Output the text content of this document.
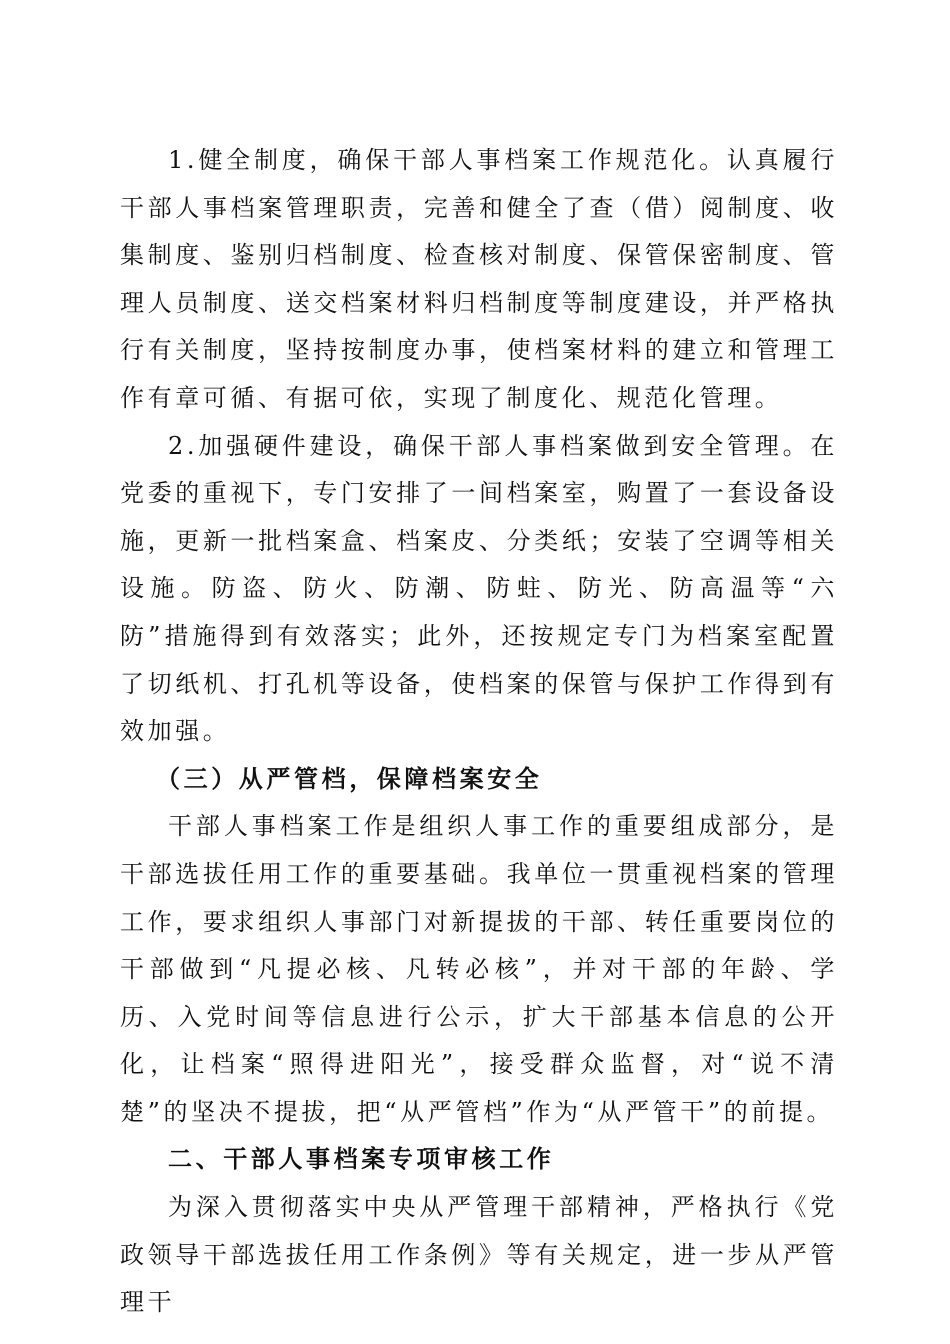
1.健全制度，确保干部人事档案工作规范化。认真履行干部人事档案管理职责，完善和健全了查（借）阅制度、收集制度、鉴别归档制度、检查核对制度、保管保密制度、管理人员制度、送交档案材料归档制度等制度建设，并严格执行有关制度，坚持按制度办事，使档案材料的建立和管理工作有章可循、有据可依，实现了制度化、规范化管理。

2.加强硬件建设，确保干部人事档案做到安全管理。在党委的重视下，专门安排了一间档案室，购置了一套设备设施，更新一批档案盒、档案皮、分类纸；安装了空调等相关设施。防盗、防火、防潮、防蛀、防光、防高温等“六防”措施得到有效落实；此外，还按规定专门为档案室配置了切纸机、打孔机等设备，使档案的保管与保护工作得到有效加强。

（三）从严管档，保障档案安全

干部人事档案工作是组织人事工作的重要组成部分，是干部选拔任用工作的重要基础。我单位一贯重视档案的管理工作，要求组织人事部门对新提拔的干部、转任重要岗位的干部做到“凡提必核、凡转必核”，并对干部的年龄、学历、入党时间等信息进行公示，扩大干部基本信息的公开化，让档案“照得进阳光”，接受群众监督，对“说不清楚”的坚决不提拔，把“从严管档”作为“从严管干”的前提。

二、干部人事档案专项审核工作

为深入贯彻落实中央从严管理干部精神，严格执行《党政领导干部选拔任用工作条例》等有关规定，进一步从严管理干
